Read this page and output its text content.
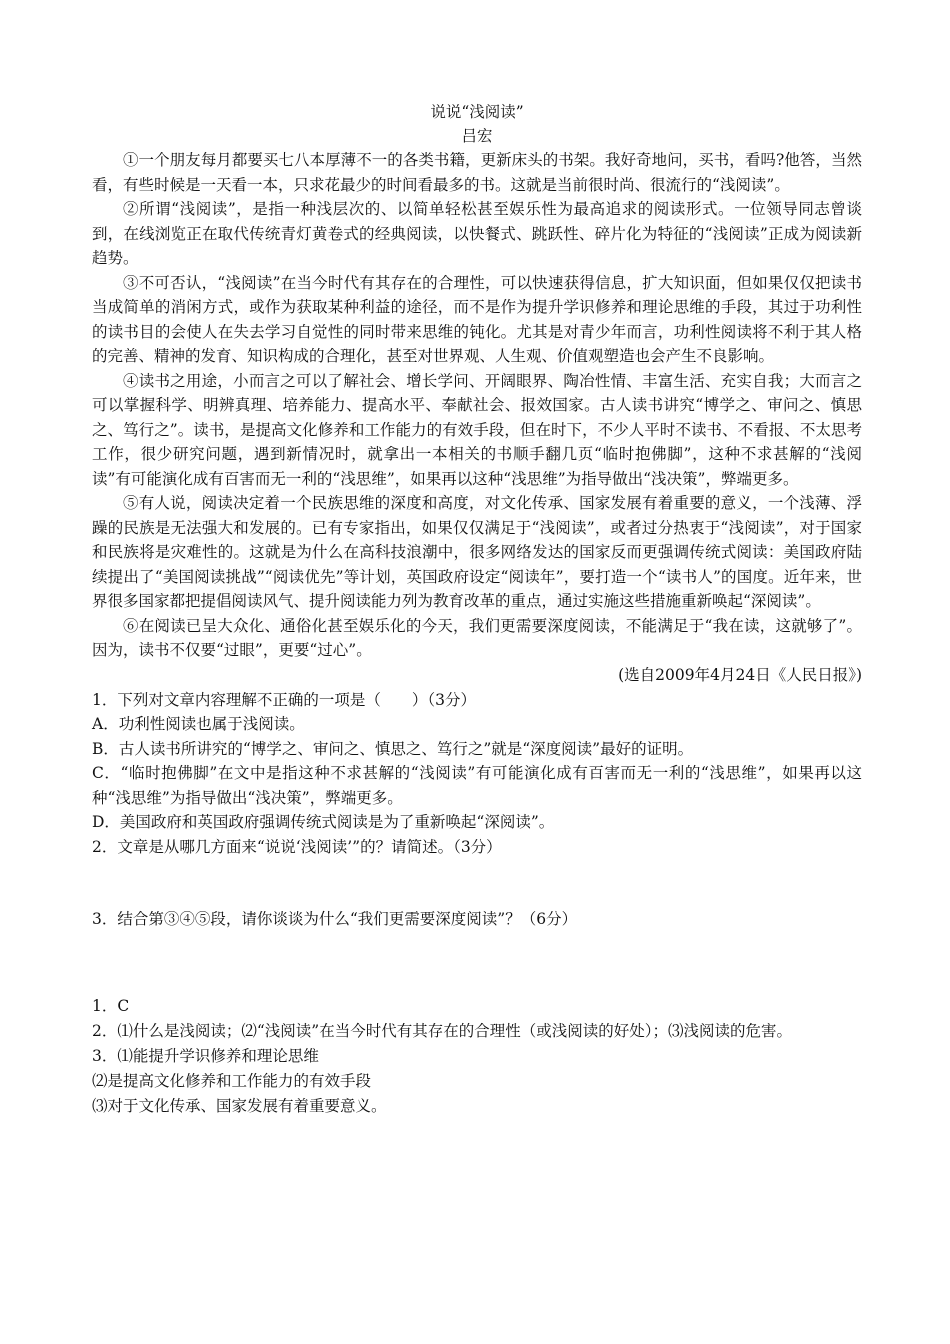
说说“浅阅读”
吕宏

①一个朋友每月都要买七八本厚薄不一的各类书籍，更新床头的书架。我好奇地问，买书，看吗?他答，当然看，有些时候是一天看一本，只求花最少的时间看最多的书。这就是当前很时尚、很流行的“浅阅读”。

②所谓“浅阅读”，是指一种浅层次的、以简单轻松甚至娱乐性为最高追求的阅读形式。一位领导同志曾谈到，在线浏览正在取代传统青灯黄卷式的经典阅读，以快餐式、跳跃性、碎片化为特征的“浅阅读”正成为阅读新趋势。

③不可否认，“浅阅读”在当今时代有其存在的合理性，可以快速获得信息，扩大知识面，但如果仅仅把读书当成简单的消闲方式，或作为获取某种利益的途径，而不是作为提升学识修养和理论思维的手段，其过于功利性的读书目的会使人在失去学习自觉性的同时带来思维的钝化。尤其是对青少年而言，功利性阅读将不利于其人格的完善、精神的发育、知识构成的合理化，甚至对世界观、人生观、价值观塑造也会产生不良影响。

④读书之用途，小而言之可以了解社会、增长学问、开阔眼界、陶冶性情、丰富生活、充实自我；大而言之可以掌握科学、明辨真理、培养能力、提高水平、奉献社会、报效国家。古人读书讲究“博学之、审问之、慎思之、笃行之”。读书，是提高文化修养和工作能力的有效手段，但在时下，不少人平时不读书、不看报、不太思考工作，很少研究问题，遇到新情况时，就拿出一本相关的书顺手翻几页“临时抱佛脚”，这种不求甚解的“浅阅读”有可能演化成有百害而无一利的“浅思维”，如果再以这种“浅思维”为指导做出“浅决策”，弊端更多。

⑤有人说，阅读决定着一个民族思维的深度和高度，对文化传承、国家发展有着重要的意义，一个浅薄、浮躁的民族是无法强大和发展的。已有专家指出，如果仅仅满足于“浅阅读”，或者过分热衷于“浅阅读”，对于国家和民族将是灾难性的。这就是为什么在高科技浪潮中，很多网络发达的国家反而更强调传统式阅读：美国政府陆续提出了“美国阅读挑战”“阅读优先”等计划，英国政府设定“阅读年”，要打造一个“读书人”的国度。近年来，世界很多国家都把提倡阅读风气、提升阅读能力列为教育改革的重点，通过实施这些措施重新唤起“深阅读”。

⑥在阅读已呈大众化、通俗化甚至娱乐化的今天，我们更需要深度阅读，不能满足于“我在读，这就够了”。因为，读书不仅要“过眼”，更要“过心”。

(选自2009年4月24日《人民日报》)

1．下列对文章内容理解不正确的一项是（　　）（3分）

A．功利性阅读也属于浅阅读。

B．古人读书所讲究的“博学之、审问之、慎思之、笃行之”就是“深度阅读”最好的证明。

C．“临时抱佛脚”在文中是指这种不求甚解的“浅阅读”有可能演化成有百害而无一利的“浅思维”，如果再以这种“浅思维”为指导做出“浅决策”，弊端更多。

D．美国政府和英国政府强调传统式阅读是为了重新唤起“深阅读”。

2．文章是从哪几方面来“说说‘浅阅读’”的？请简述。（3分）

3．结合第③④⑤段，请你谈谈为什么“我们更需要深度阅读”？（6分）

1．C

2．⑴什么是浅阅读；⑵“浅阅读”在当今时代有其存在的合理性（或浅阅读的好处）；⑶浅阅读的危害。

3．⑴能提升学识修养和理论思维

⑵是提高文化修养和工作能力的有效手段

⑶对于文化传承、国家发展有着重要意义。
